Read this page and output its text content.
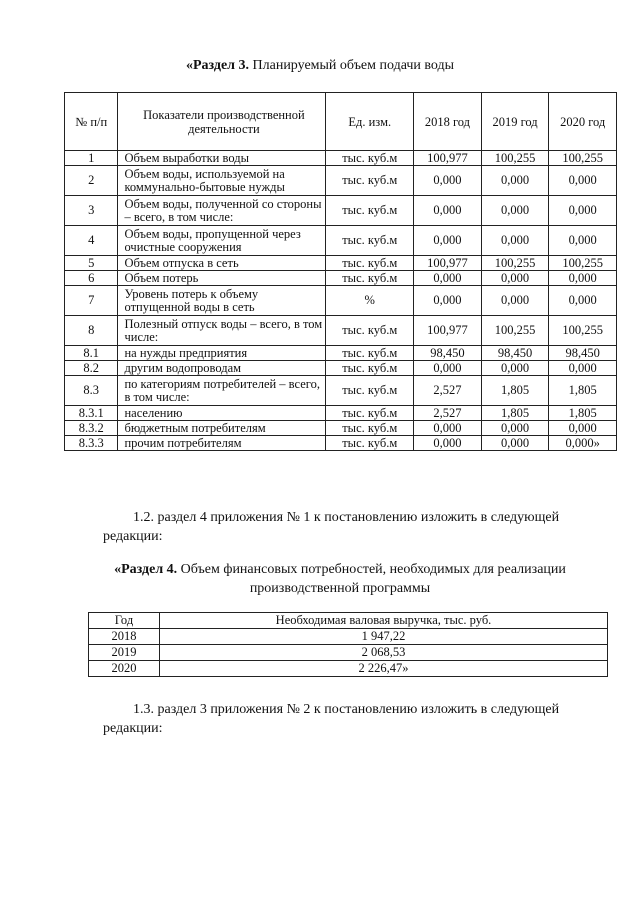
«Раздел 3. Планируемый объем подачи воды
№ п/п	Показатели производственной деятельности	Ед. изм.	2018 год	2019 год	2020 год
1	Объем выработки воды	тыс. куб.м	100,977	100,255	100,255
2	Объем воды, используемой на коммунально-бытовые нужды	тыс. куб.м	0,000	0,000	0,000
3	Объем воды, полученной со стороны – всего, в том числе:	тыс. куб.м	0,000	0,000	0,000
4	Объем воды, пропущенной через очистные сооружения	тыс. куб.м	0,000	0,000	0,000
5	Объем отпуска в сеть	тыс. куб.м	100,977	100,255	100,255
6	Объем потерь	тыс. куб.м	0,000	0,000	0,000
7	Уровень потерь к объему отпущенной воды в сеть	%	0,000	0,000	0,000
8	Полезный отпуск воды – всего, в том числе:	тыс. куб.м	100,977	100,255	100,255
8.1	на нужды предприятия	тыс. куб.м	98,450	98,450	98,450
8.2	другим водопроводам	тыс. куб.м	0,000	0,000	0,000
8.3	по категориям потребителей – всего, в том числе:	тыс. куб.м	2,527	1,805	1,805
8.3.1	населению	тыс. куб.м	2,527	1,805	1,805
8.3.2	бюджетным потребителям	тыс. куб.м	0,000	0,000	0,000
8.3.3	прочим потребителям	тыс. куб.м	0,000	0,000	0,000»

1.2. раздел 4 приложения № 1 к постановлению изложить в следующей редакции:

«Раздел 4. Объем финансовых потребностей, необходимых для реализации производственной программы
Год	Необходимая валовая выручка, тыс. руб.
2018	1 947,22
2019	2 068,53
2020	2 226,47»

1.3. раздел 3 приложения № 2 к постановлению изложить в следующей редакции:
